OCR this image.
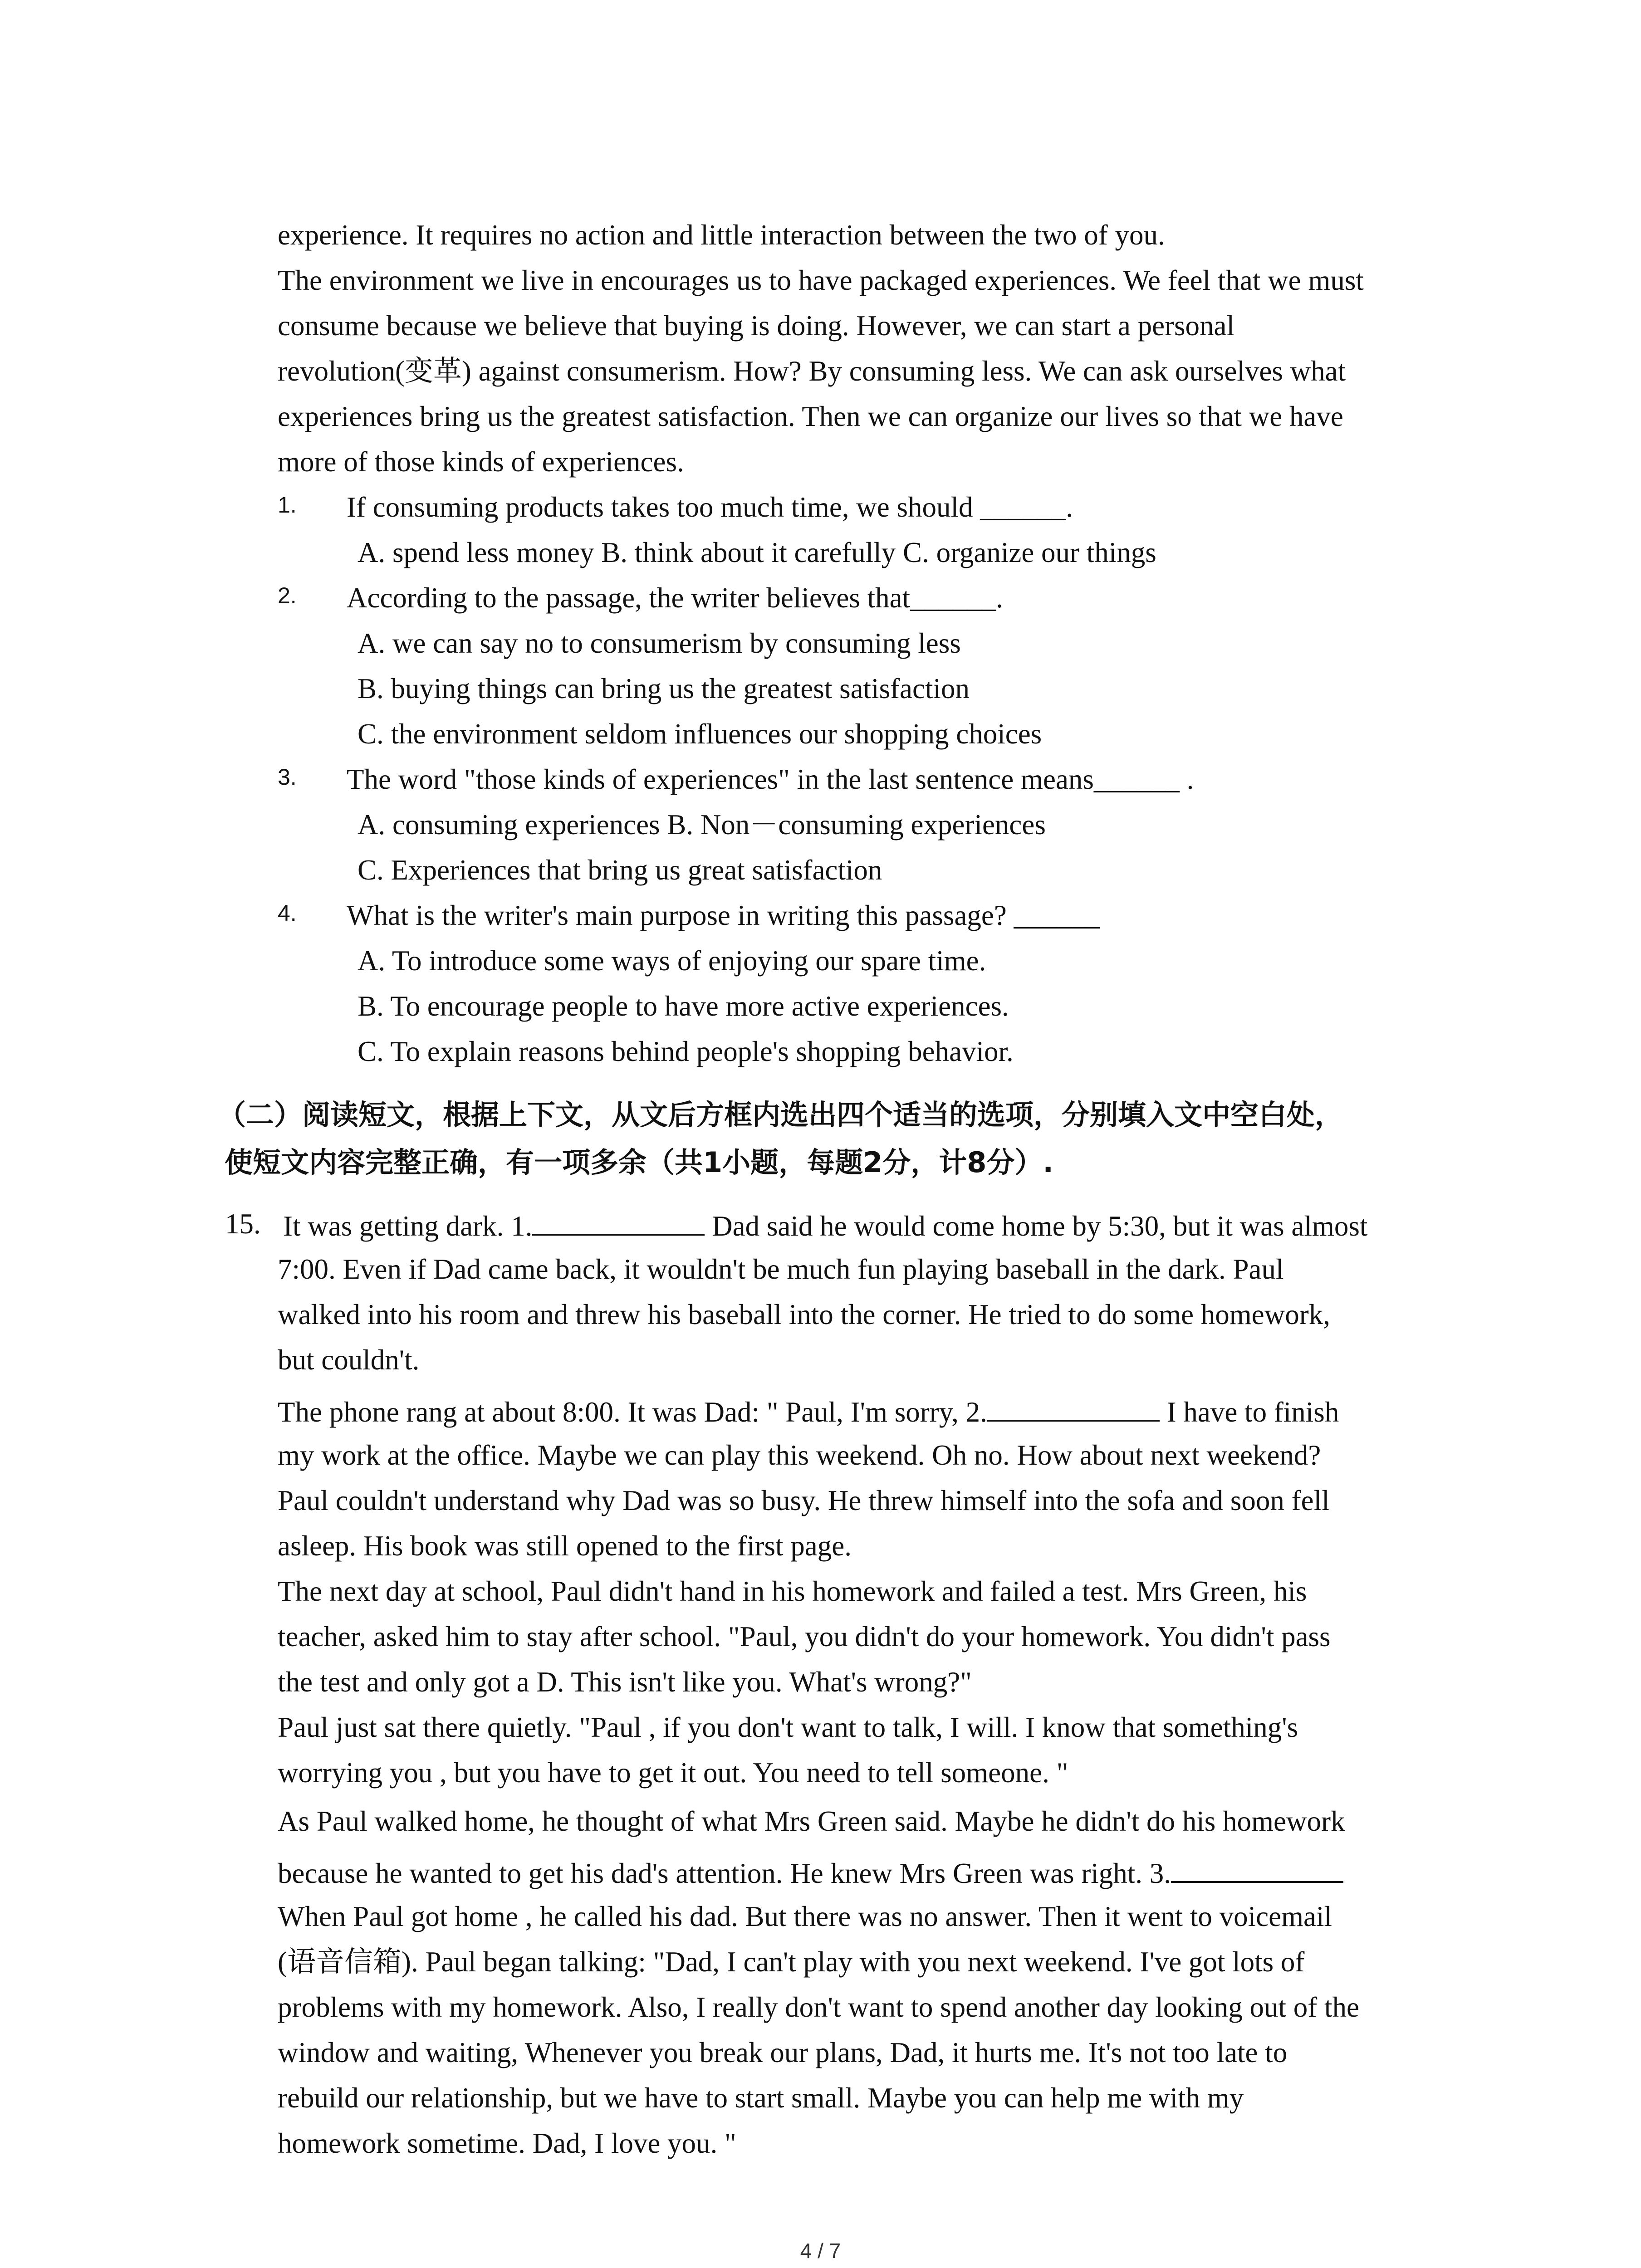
experience. It requires no action and little interaction between the two of you.
The environment we live in encourages us to have packaged experiences. We feel that we must
consume because we believe that buying is doing. However, we can start a personal
revolution(变革) against consumerism. How? By consuming less. We can ask ourselves what
experiences bring us the greatest satisfaction. Then we can organize our lives so that we have
more of those kinds of experiences.
1. If consuming products takes too much time, we should ______.
A. spend less money B. think about it carefully C. organize our things
2. According to the passage, the writer believes that______.
A. we can say no to consumerism by consuming less
B. buying things can bring us the greatest satisfaction
C. the environment seldom influences our shopping choices
3. The word "those kinds of experiences" in the last sentence means______ .
A. consuming experiences B. Non－consuming experiences
C. Experiences that bring us great satisfaction
4. What is the writer's main purpose in writing this passage? ______
A. To introduce some ways of enjoying our spare time.
B. To encourage people to have more active experiences.
C. To explain reasons behind people's shopping behavior.
（二）阅读短文，根据上下文，从文后方框内选出四个适当的选项，分别填入文中空白处，
使短文内容完整正确，有一项多余（共1小题，每题2分，计8分）.
15. It was getting dark. 1.	Dad said he would come home by 5:30, but it was almost
7:00. Even if Dad came back, it wouldn't be much fun playing baseball in the dark. Paul
walked into his room and threw his baseball into the corner. He tried to do some homework,
but couldn't.
The phone rang at about 8:00. It was Dad: " Paul, I'm sorry, 2.	I have to finish
my work at the office. Maybe we can play this weekend. Oh no. How about next weekend?
Paul couldn't understand why Dad was so busy. He threw himself into the sofa and soon fell
asleep. His book was still opened to the first page.
The next day at school, Paul didn't hand in his homework and failed a test. Mrs Green, his
teacher, asked him to stay after school. "Paul, you didn't do your homework. You didn't pass
the test and only got a D. This isn't like you. What's wrong?"
Paul just sat there quietly. "Paul , if you don't want to talk, I will. I know that something's
worrying you , but you have to get it out. You need to tell someone. "
As Paul walked home, he thought of what Mrs Green said. Maybe he didn't do his homework
because he wanted to get his dad's attention. He knew Mrs Green was right. 3.
When Paul got home , he called his dad. But there was no answer. Then it went to voicemail
(语音信箱). Paul began talking: "Dad, I can't play with you next weekend. I've got lots of
problems with my homework. Also, I really don't want to spend another day looking out of the
window and waiting, Whenever you break our plans, Dad, it hurts me. It's not too late to
rebuild our relationship, but we have to start small. Maybe you can help me with my
homework sometime. Dad, I love you. "
4 / 7
